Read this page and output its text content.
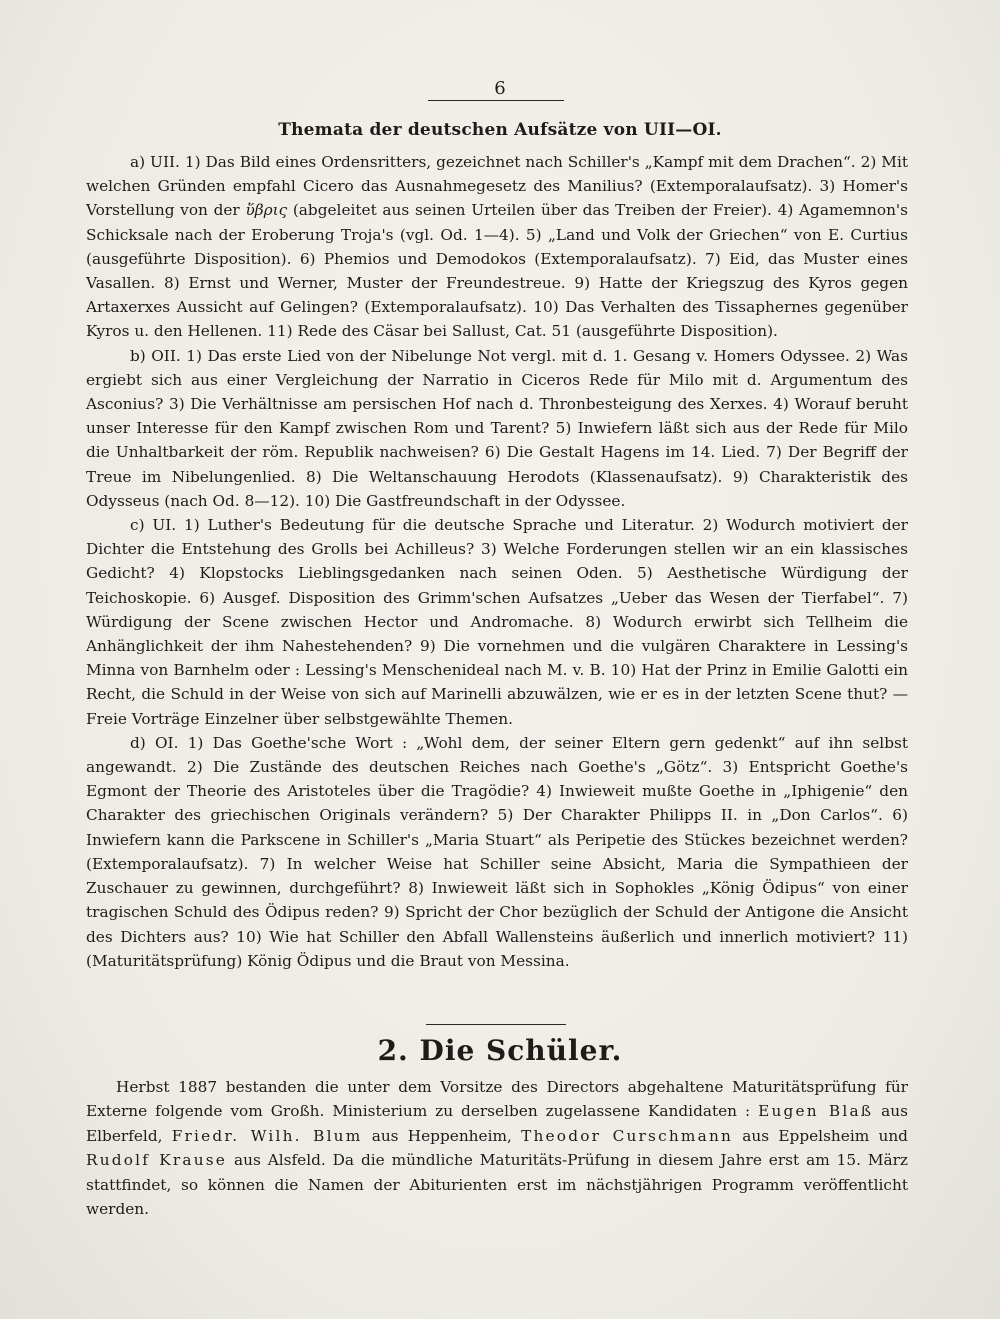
6
Themata der deutschen Aufsätze von UII—OI.

a) UII. 1) Das Bild eines Ordensritters, gezeichnet nach Schiller's „Kampf mit dem Drachen“. 2) Mit welchen Gründen empfahl Cicero das Ausnahmegesetz des Manilius? (Extemporalaufsatz). 3) Homer's Vorstellung von der ὕβρις (abgeleitet aus seinen Urteilen über das Treiben der Freier). 4) Agamemnon's Schicksale nach der Eroberung Troja's (vgl. Od. 1—4). 5) „Land und Volk der Griechen“ von E. Curtius (ausgeführte Disposition). 6) Phemios und Demodokos (Extemporalaufsatz). 7) Eid, das Muster eines Vasallen. 8) Ernst und Werner, Muster der Freundestreue. 9) Hatte der Kriegszug des Kyros gegen Artaxerxes Aussicht auf Gelingen? (Extemporalaufsatz). 10) Das Verhalten des Tissaphernes gegenüber Kyros u. den Hellenen. 11) Rede des Cäsar bei Sallust, Cat. 51 (ausgeführte Disposition).

b) OII. 1) Das erste Lied von der Nibelunge Not vergl. mit d. 1. Gesang v. Homers Odyssee. 2) Was ergiebt sich aus einer Vergleichung der Narratio in Ciceros Rede für Milo mit d. Argumentum des Asconius? 3) Die Verhältnisse am persischen Hof nach d. Thronbesteigung des Xerxes. 4) Worauf beruht unser Interesse für den Kampf zwischen Rom und Tarent? 5) Inwiefern läßt sich aus der Rede für Milo die Unhaltbarkeit der röm. Republik nachweisen? 6) Die Gestalt Hagens im 14. Lied. 7) Der Begriff der Treue im Nibelungenlied. 8) Die Weltanschauung Herodots (Klassenaufsatz). 9) Charakteristik des Odysseus (nach Od. 8—12). 10) Die Gastfreundschaft in der Odyssee.

c) UI. 1) Luther's Bedeutung für die deutsche Sprache und Literatur. 2) Wodurch motiviert der Dichter die Entstehung des Grolls bei Achilleus? 3) Welche Forderungen stellen wir an ein klassisches Gedicht? 4) Klopstocks Lieblingsgedanken nach seinen Oden. 5) Aesthetische Würdigung der Teichoskopie. 6) Ausgef. Disposition des Grimm'schen Aufsatzes „Ueber das Wesen der Tierfabel“. 7) Würdigung der Scene zwischen Hector und Andromache. 8) Wodurch erwirbt sich Tellheim die Anhänglichkeit der ihm Nahestehenden? 9) Die vornehmen und die vulgären Charaktere in Lessing's Minna von Barnhelm oder : Lessing's Menschenideal nach M. v. B. 10) Hat der Prinz in Emilie Galotti ein Recht, die Schuld in der Weise von sich auf Marinelli abzuwälzen, wie er es in der letzten Scene thut? — Freie Vorträge Einzelner über selbstgewählte Themen.

d) OI. 1) Das Goethe'sche Wort : „Wohl dem, der seiner Eltern gern gedenkt“ auf ihn selbst angewandt. 2) Die Zustände des deutschen Reiches nach Goethe's „Götz“. 3) Entspricht Goethe's Egmont der Theorie des Aristoteles über die Tragödie? 4) Inwieweit mußte Goethe in „Iphigenie“ den Charakter des griechischen Originals verändern? 5) Der Charakter Philipps II. in „Don Carlos“. 6) Inwiefern kann die Parkscene in Schiller's „Maria Stuart“ als Peripetie des Stückes bezeichnet werden? (Extemporalaufsatz). 7) In welcher Weise hat Schiller seine Absicht, Maria die Sympathieen der Zuschauer zu gewinnen, durchgeführt? 8) Inwieweit läßt sich in Sophokles „König Ödipus“ von einer tragischen Schuld des Ödipus reden? 9) Spricht der Chor bezüglich der Schuld der Antigone die Ansicht des Dichters aus? 10) Wie hat Schiller den Abfall Wallensteins äußerlich und innerlich motiviert? 11) (Maturitätsprüfung) König Ödipus und die Braut von Messina.

2. Die Schüler.

Herbst 1887 bestanden die unter dem Vorsitze des Directors abgehaltene Maturitätsprüfung für Externe folgende vom Großh. Ministerium zu derselben zugelassene Kandidaten : Eugen Blaß aus Elberfeld, Friedr. Wilh. Blum aus Heppenheim, Theodor Curschmann aus Eppelsheim und Rudolf Krause aus Alsfeld. Da die mündliche Maturitäts-Prüfung in diesem Jahre erst am 15. März stattfindet, so können die Namen der Abiturienten erst im nächstjährigen Programm veröffentlicht werden.
